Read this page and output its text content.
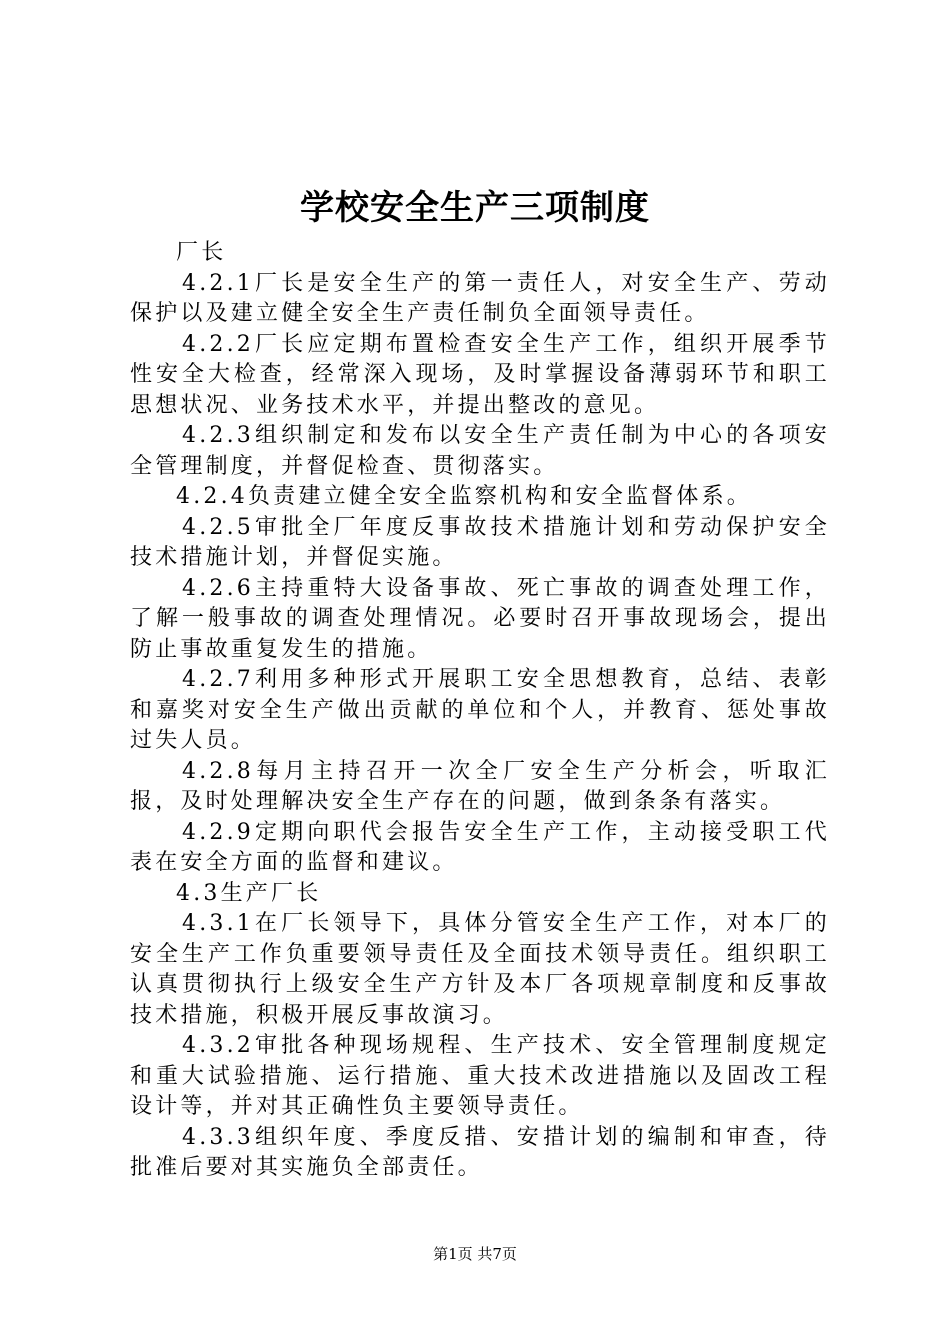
学校安全生产三项制度

厂长

4.2.1厂长是安全生产的第一责任人，对安全生产、劳动保护以及建立健全安全生产责任制负全面领导责任。

4.2.2厂长应定期布置检查安全生产工作，组织开展季节性安全大检查，经常深入现场，及时掌握设备薄弱环节和职工思想状况、业务技术水平，并提出整改的意见。

4.2.3组织制定和发布以安全生产责任制为中心的各项安全管理制度，并督促检查、贯彻落实。

4.2.4负责建立健全安全监察机构和安全监督体系。

4.2.5审批全厂年度反事故技术措施计划和劳动保护安全技术措施计划，并督促实施。

4.2.6主持重特大设备事故、死亡事故的调查处理工作，了解一般事故的调查处理情况。必要时召开事故现场会，提出防止事故重复发生的措施。

4.2.7利用多种形式开展职工安全思想教育，总结、表彰和嘉奖对安全生产做出贡献的单位和个人，并教育、惩处事故过失人员。

4.2.8每月主持召开一次全厂安全生产分析会，听取汇报，及时处理解决安全生产存在的问题，做到条条有落实。

4.2.9定期向职代会报告安全生产工作，主动接受职工代表在安全方面的监督和建议。

4.3生产厂长

4.3.1在厂长领导下，具体分管安全生产工作，对本厂的安全生产工作负重要领导责任及全面技术领导责任。组织职工认真贯彻执行上级安全生产方针及本厂各项规章制度和反事故技术措施，积极开展反事故演习。

4.3.2审批各种现场规程、生产技术、安全管理制度规定和重大试验措施、运行措施、重大技术改进措施以及固改工程设计等，并对其正确性负主要领导责任。

4.3.3组织年度、季度反措、安措计划的编制和审查，待批准后要对其实施负全部责任。

第1页 共7页
